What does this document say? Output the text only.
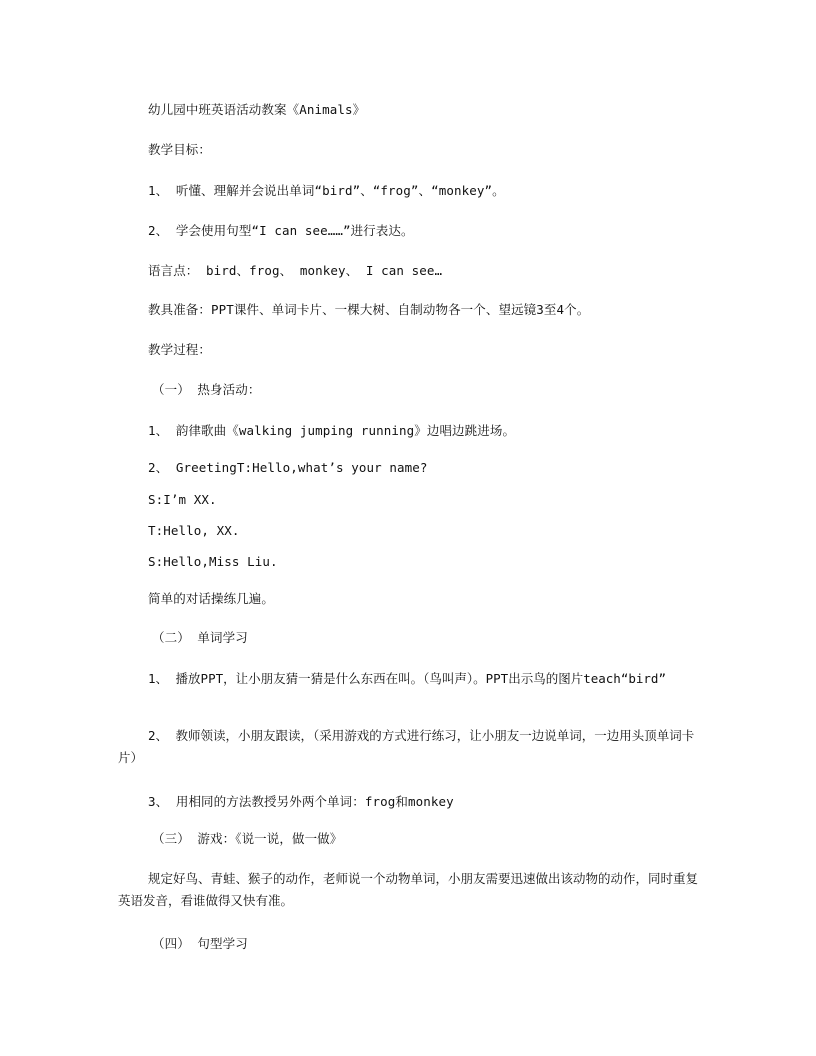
幼儿园中班英语活动教案《Animals》
教学目标：
1、 听懂、理解并会说出单词“bird”、“frog”、“monkey”。
2、 学会使用句型“I can see……”进行表达。
语言点： bird、frog、 monkey、 I can see…
教具准备：PPT课件、单词卡片、一棵大树、自制动物各一个、望远镜3至4个。
教学过程：
（一） 热身活动：
1、 韵律歌曲《walking jumping running》边唱边跳进场。
2、 GreetingT:Hello,what’s your name?
S:I’m XX.
T:Hello, XX.
S:Hello,Miss Liu.
简单的对话操练几遍。
（二） 单词学习
1、 播放PPT，让小朋友猜一猜是什么东西在叫。（鸟叫声）。PPT出示鸟的图片teach“bird”
2、 教师领读，小朋友跟读，（采用游戏的方式进行练习，让小朋友一边说单词，一边用头顶单词卡片）
3、 用相同的方法教授另外两个单词：frog和monkey
（三） 游戏：《说一说，做一做》
规定好鸟、青蛙、猴子的动作，老师说一个动物单词，小朋友需要迅速做出该动物的动作，同时重复英语发音，看谁做得又快有准。
（四） 句型学习
